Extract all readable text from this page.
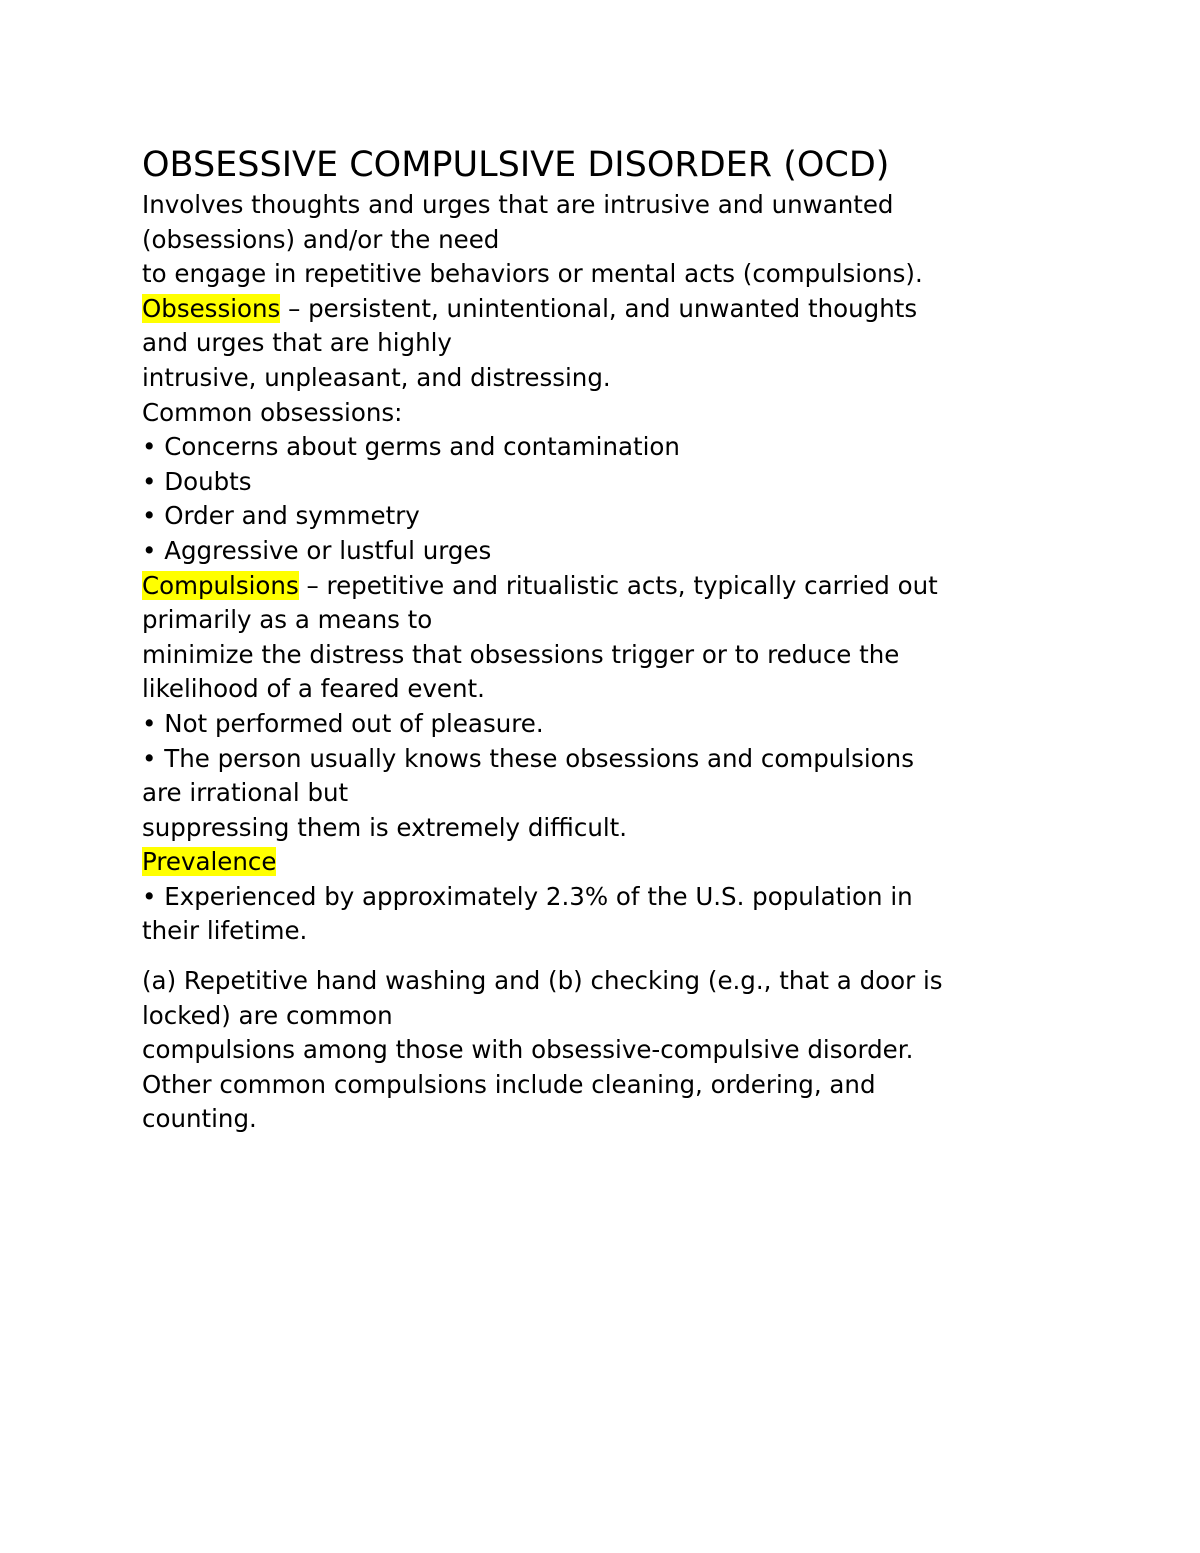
OBSESSIVE COMPULSIVE DISORDER (OCD)
Involves thoughts and urges that are intrusive and unwanted
(obsessions) and/or the need
to engage in repetitive behaviors or mental acts (compulsions).
Obsessions – persistent, unintentional, and unwanted thoughts
and urges that are highly
intrusive, unpleasant, and distressing.
Common obsessions:
• Concerns about germs and contamination
• Doubts
• Order and symmetry
• Aggressive or lustful urges
Compulsions – repetitive and ritualistic acts, typically carried out
primarily as a means to
minimize the distress that obsessions trigger or to reduce the
likelihood of a feared event.
• Not performed out of pleasure.
• The person usually knows these obsessions and compulsions
are irrational but
suppressing them is extremely difficult.
Prevalence
• Experienced by approximately 2.3% of the U.S. population in
their lifetime.
(a) Repetitive hand washing and (b) checking (e.g., that a door is
locked) are common
compulsions among those with obsessive-compulsive disorder.
Other common compulsions include cleaning, ordering, and
counting.
